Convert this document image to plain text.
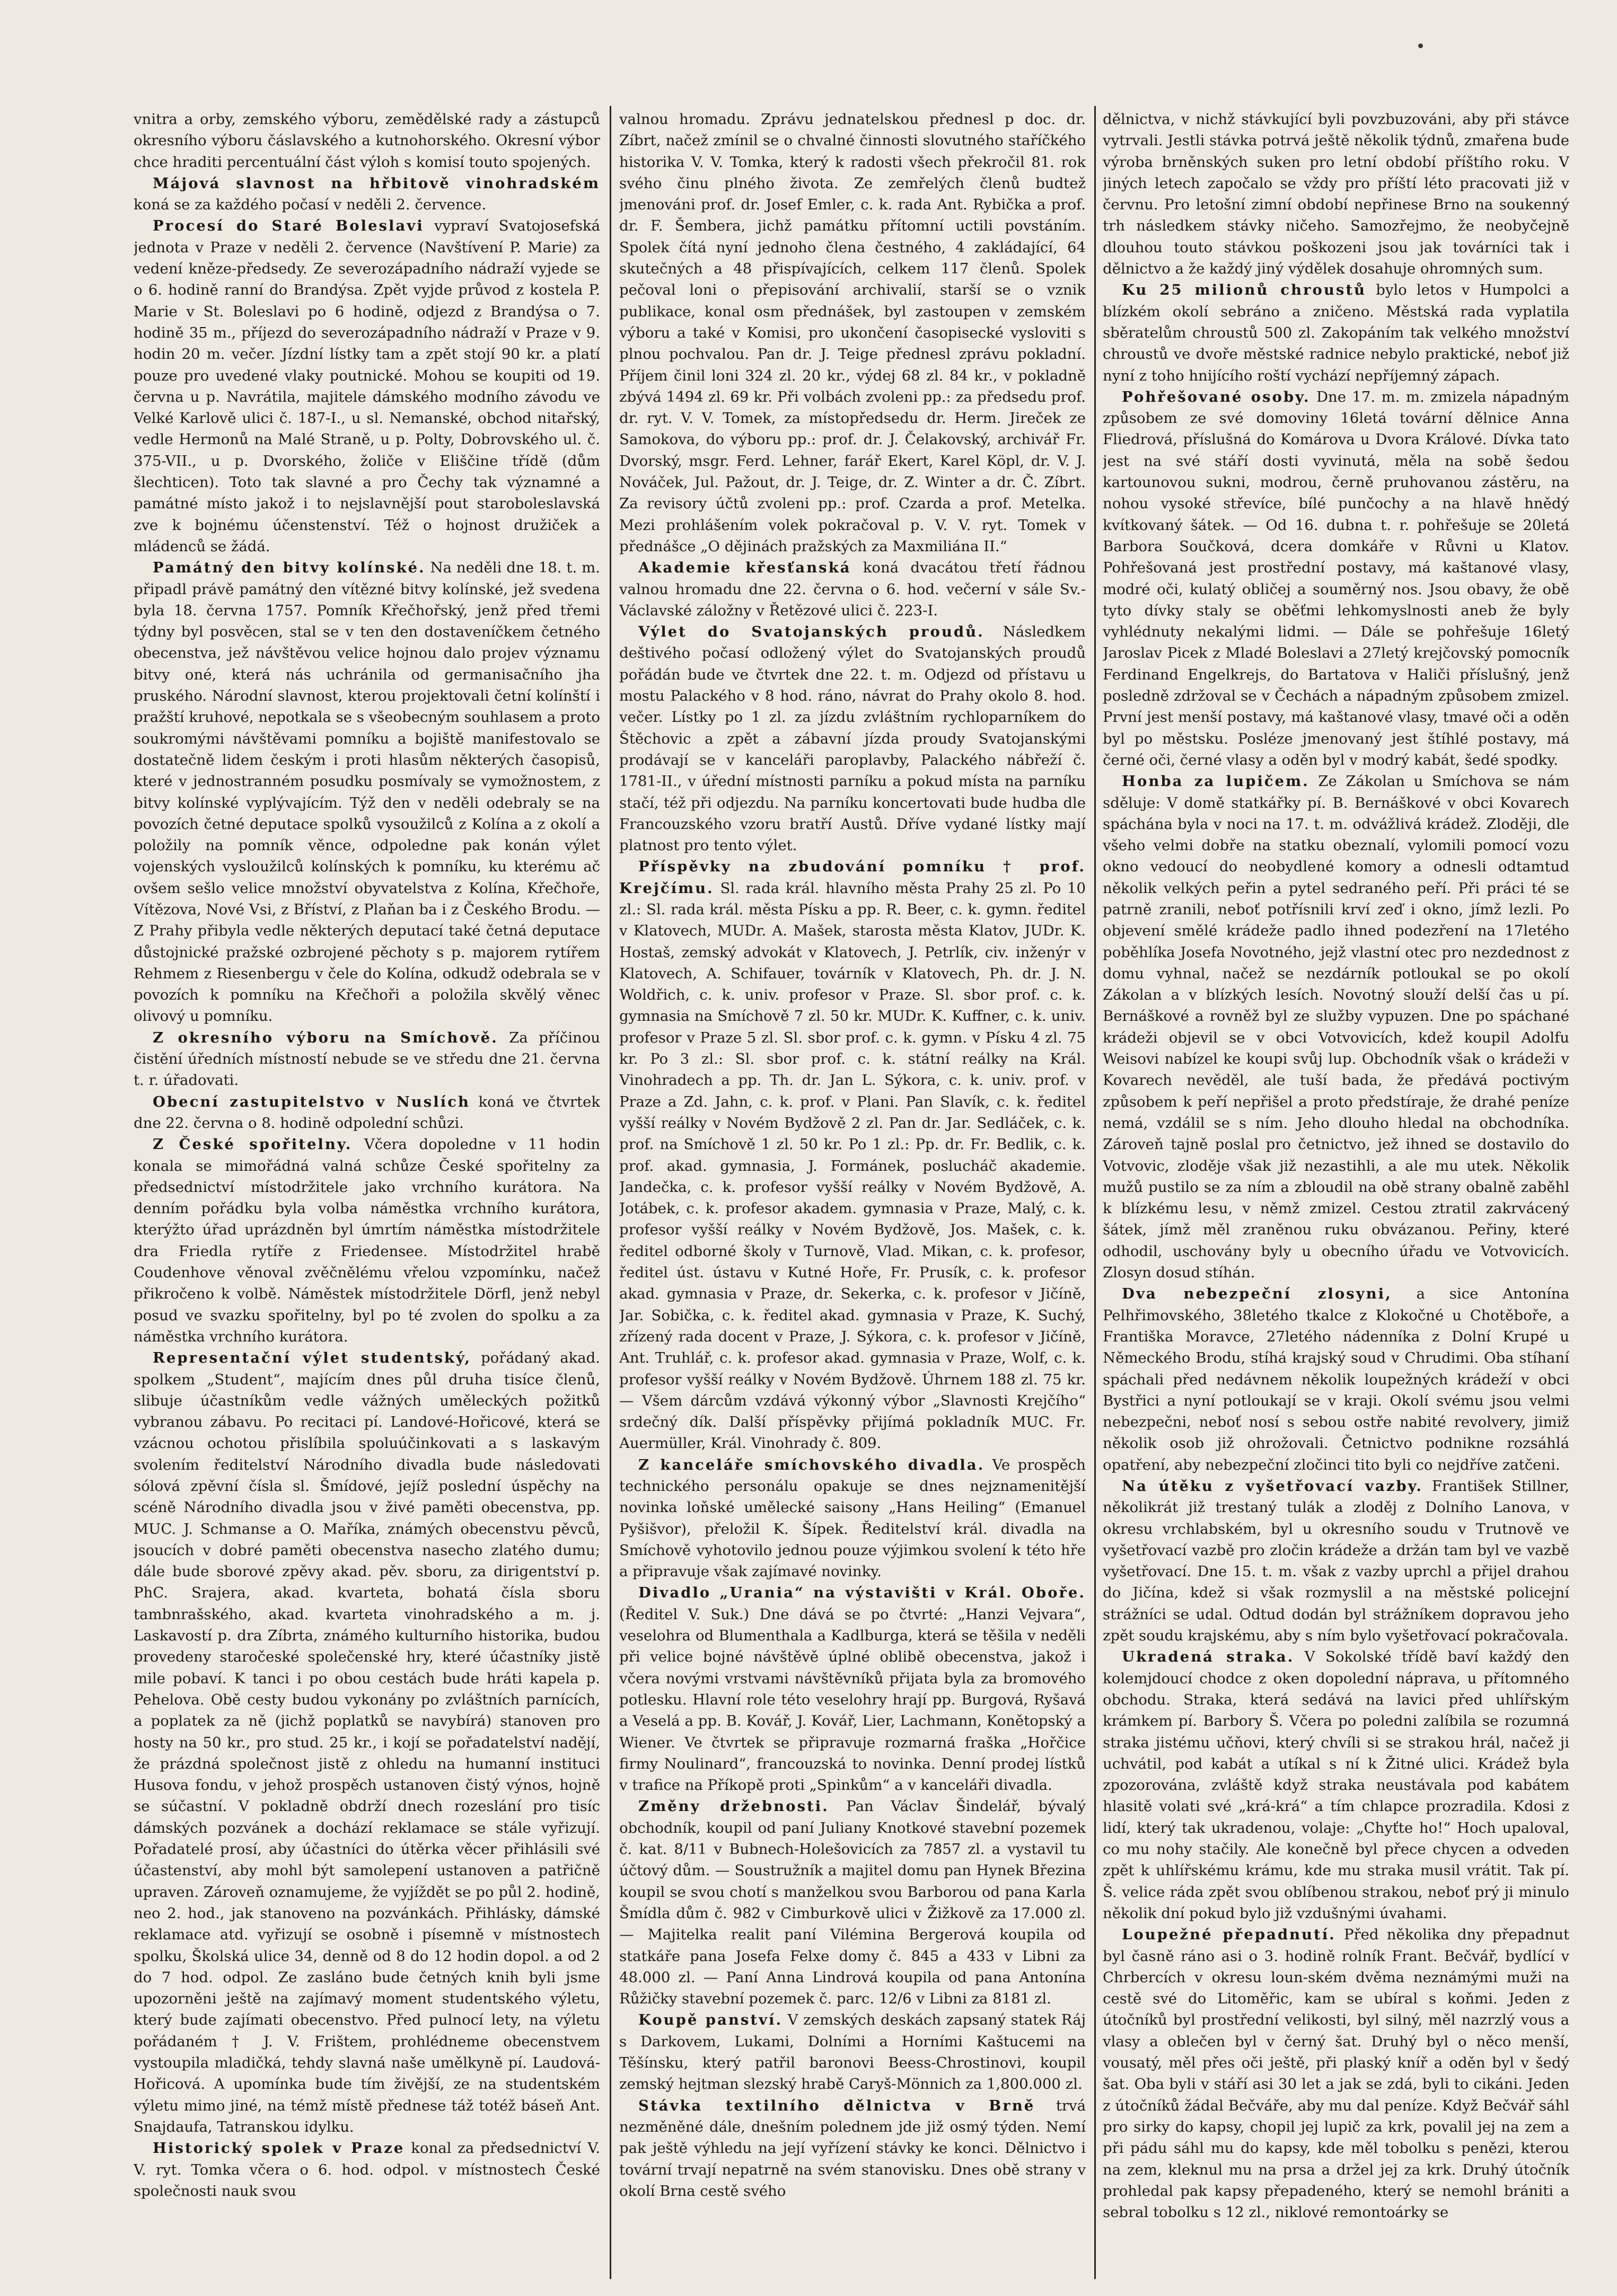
vnitra a orby, zemského výboru, zemědělské rady a zástupců okresního výboru čáslavského a kutnohorského. Okresní výbor chce hraditi percentuální část výloh s komisí touto spojených.

Májová slavnost na hřbitově vinohradském koná se za každého počasí v neděli 2. července.

Procesí do Staré Boleslavi vypraví Svatojosefská jednota v Praze v neděli 2. července (Navštívení P. Marie) za vedení kněze-předsedy. Ze severozápadního nádraží vyjede se o 6. hodině ranní do Brandýsa. Zpět vyjde průvod z kostela P. Marie v St. Boleslavi po 6 hodině, odjezd z Brandýsa o 7. hodině 35 m., příjezd do severozápadního nádraží v Praze v 9. hodin 20 m. večer. Jízdní lístky tam a zpět stojí 90 kr. a platí pouze pro uvedené vlaky poutnické. Mohou se koupiti od 19. června u p. Navrátila, majitele dámského modního závodu ve Velké Karlově ulici č. 187-I., u sl. Nemanské, obchod nitařský, vedle Hermonů na Malé Straně, u p. Polty, Dobrovského ul. č. 375-VII., u p. Dvorského, žoliče v Eliščine třídě (dům šlechticen). Toto tak slavné a pro Čechy tak významné a památné místo jakož i to nejslavnější pout staroboleslavská zve k bojnému účenstenství. Též o hojnost družiček a mládenců se žádá.

Památný den bitvy kolínské. Na neděli dne 18. t. m. připadl právě památný den vítězné bitvy kolínské, jež svedena byla 18. června 1757. Pomník Křečhořský, jenž před třemi týdny byl posvěcen, stal se v ten den dostaveníčkem četného obecenstva, jež návštěvou velice hojnou dalo projev významu bitvy oné, která nás uchránila od germanisačního jha pruského. Národní slavnost, kterou projektovali četní kolínští i pražští kruhové, nepotkala se s všeobecným souhlasem a proto soukromými návštěvami pomníku a bojiště manifestovalo se dostatečně lidem českým i proti hlasům některých časopisů, které v jednostranném posudku posmívaly se vymožnostem, z bitvy kolínské vyplývajícím. Týž den v neděli odebraly se na povozích četné deputace spolků vysoužilců z Kolína a z okolí a položily na pomník věnce, odpoledne pak konán výlet vojenských vysloužilců kolínských k pomníku, ku kterému ač ovšem sešlo velice množství obyvatelstva z Kolína, Křečhoře, Vítězova, Nové Vsi, z Bříství, z Plaňan ba i z Českého Brodu. — Z Prahy přibyla vedle některých deputací také četná deputace důstojnické pražské ozbrojené pěchoty s p. majorem rytířem Rehmem z Riesenbergu v čele do Kolína, odkudž odebrala se v povozích k pomníku na Křečhoři a položila skvělý věnec olivový u pomníku.

Z okresního výboru na Smíchově. Za příčinou čistění úředních místností nebude se ve středu dne 21. června t. r. úřadovati.

Obecní zastupitelstvo v Nuslích koná ve čtvrtek dne 22. června o 8. hodině odpolední schůzi.

Z České spořitelny. Včera dopoledne v 11 hodin konala se mimořádná valná schůze České spořitelny za předsednictví místodržitele jako vrchního kurátora. Na denním pořádku byla volba náměstka vrchního kurátora, kterýžto úřad uprázdněn byl úmrtím náměstka místodržitele dra Friedla rytíře z Friedensee. Místodržitel hrabě Coudenhove věnoval zvěčnělému vřelou vzpomínku, načež přikročeno k volbě. Náměstek místodržitele Dörfl, jenž nebyl posud ve svazku spořitelny, byl po té zvolen do spolku a za náměstka vrchního kurátora.

Representační výlet studentský, pořádaný akad. spolkem „Student“, majícím dnes půl druha tisíce členů, slibuje účastníkům vedle vážných uměleckých požitků vybranou zábavu. Po recitaci pí. Landové-Hořicové, která se vzácnou ochotou přislíbila spoluúčinkovati a s laskavým svolením ředitelství Národního divadla bude následovati sólová zpěvní čísla sl. Šmídové, jejíž poslední úspěchy na scéně Národního divadla jsou v živé paměti obecenstva, pp. MUC. J. Schmanse a O. Maříka, známých obecenstvu pěvců, jsoucích v dobré paměti obecenstva nasecho zlatého dumu; dále bude sborové zpěvy akad. pěv. sboru, za dirigentství p. PhC. Srajera, akad. kvarteta, bohatá čísla sboru tambnrašského, akad. kvarteta vinohradského a m. j. Laskavostí p. dra Zíbrta, známého kulturního historika, budou provedeny staročeské společenské hry, které účastníky jistě mile pobaví. K tanci i po obou cestách bude hráti kapela p. Pehelova. Obě cesty budou vykonány po zvláštních parnících, a poplatek za ně (jichž poplatků se navybírá) stanoven pro hosty na 50 kr., pro stud. 25 kr., i kojí se pořadatelství nadějí, že prázdná společnost jistě z ohledu na humanní instituci Husova fondu, v jehož prospěch ustanoven čistý výnos, hojně se súčastní. V pokladně obdrží dnech rozeslání pro tisíc dámských pozvánek a dochází reklamace se stále vyřizují. Pořadatelé prosí, aby účastníci do útěrka věcer přihlásili své účastenství, aby mohl být samolepení ustanoven a patřičně upraven. Zároveň oznamujeme, že vyjíždět se po půl 2. hodině, neo 2. hod., jak stanoveno na pozvánkách. Přihlásky, dámské reklamace atd. vyřizují se osobně i písemně v místnostech spolku, Školská ulice 34, denně od 8 do 12 hodin dopol. a od 2 do 7 hod. odpol. Ze zasláno bude četných knih byli jsme upozorněni ještě na zajímavý moment studentského výletu, který bude zajímati obecenstvo. Před pulnocí lety, na výletu pořádaném † J. V. Frištem, prohlédneme obecenstvem vystoupila mladičká, tehdy slavná naše umělkyně pí. Laudová-Hořicová. A upomínka bude tím živější, ze na studentském výletu mimo jiné, na témž místě přednese táž totéž báseň Ant. Snajdaufa, Tatranskou idylku.

Historický spolek v Praze konal za předsednictví V. V. ryt. Tomka včera o 6. hod. odpol. v místnostech České společnosti nauk svou

valnou hromadu. Zprávu jednatelskou přednesl p doc. dr. Zíbrt, načež zmínil se o chvalné činnosti slovutného staříčkého historika V. V. Tomka, který k radosti všech překročil 81. rok svého činu plného života. Ze zemřelých členů budtež jmenováni prof. dr. Josef Emler, c. k. rada Ant. Rybička a prof. dr. F. Šembera, jichž památku přítomní uctili povstáním. Spolek čítá nyní jednoho člena čestného, 4 zakládající, 64 skutečných a 48 přispívajících, celkem 117 členů. Spolek pečoval loni o přepisování archivalií, starší se o vznik publikace, konal osm přednášek, byl zastoupen v zemském výboru a také v Komisi, pro ukončení časopisecké vysloviti s plnou pochvalou. Pan dr. J. Teige přednesl zprávu pokladní. Příjem činil loni 324 zl. 20 kr., výdej 68 zl. 84 kr., v pokladně zbývá 1494 zl. 69 kr. Při volbách zvoleni pp.: za předsedu prof. dr. ryt. V. V. Tomek, za místopředsedu dr. Herm. Jireček ze Samokova, do výboru pp.: prof. dr. J. Čelakovský, archivář Fr. Dvorský, msgr. Ferd. Lehner, farář Ekert, Karel Köpl, dr. V. J. Nováček, Jul. Pažout, dr. J. Teige, dr. Z. Winter a dr. Č. Zíbrt. Za revisory účtů zvoleni pp.: prof. Czarda a prof. Metelka. Mezi prohlášením volek pokračoval p. V. V. ryt. Tomek v přednášce „O dějinách pražských za Maxmiliána II.“

Akademie křesťanská koná dvacátou třetí řádnou valnou hromadu dne 22. června o 6. hod. večerní v sále Sv.-Václavské záložny v Řetězové ulici č. 223-I.

Výlet do Svatojanských proudů. Následkem deštivého počasí odložený výlet do Svatojanských proudů pořádán bude ve čtvrtek dne 22. t. m. Odjezd od přístavu u mostu Palackého v 8 hod. ráno, návrat do Prahy okolo 8. hod. večer. Lístky po 1 zl. za jízdu zvláštním rychloparníkem do Štěchovic a zpět a zábavní jízda proudy Svatojanskými prodávají se v kanceláři paroplavby, Palackého nábřeží č. 1781-II., v úřední místnosti parníku a pokud místa na parníku stačí, též při odjezdu. Na parníku koncertovati bude hudba dle Francouzského vzoru bratří Austů. Dříve vydané lístky mají platnost pro tento výlet.

Příspěvky na zbudování pomníku † prof. Krejčímu. Sl. rada král. hlavního města Prahy 25 zl. Po 10 zl.: Sl. rada král. města Písku a pp. R. Beer, c. k. gymn. ředitel v Klatovech, MUDr. A. Mašek, starosta města Klatov, JUDr. K. Hostaš, zemský advokát v Klatovech, J. Petrlík, civ. inženýr v Klatovech, A. Schifauer, továrník v Klatovech, Ph. dr. J. N. Woldřich, c. k. univ. profesor v Praze. Sl. sbor prof. c. k. gymnasia na Smíchově 7 zl. 50 kr. MUDr. K. Kuffner, c. k. univ. profesor v Praze 5 zl. Sl. sbor prof. c. k. gymn. v Písku 4 zl. 75 kr. Po 3 zl.: Sl. sbor prof. c. k. státní reálky na Král. Vinohradech a pp. Th. dr. Jan L. Sýkora, c. k. univ. prof. v Praze a Zd. Jahn, c. k. prof. v Plani. Pan Slavík, c. k. ředitel vyšší reálky v Novém Bydžově 2 zl. Pan dr. Jar. Sedláček, c. k. prof. na Smíchově 1 zl. 50 kr. Po 1 zl.: Pp. dr. Fr. Bedlik, c. k. prof. akad. gymnasia, J. Formánek, poslucháč akademie. Jandečka, c. k. profesor vyšší reálky v Novém Bydžově, A. Jotábek, c. k. profesor akadem. gymnasia v Praze, Malý, c. k. profesor vyšší reálky v Novém Bydžově, Jos. Mašek, c. k. ředitel odborné školy v Turnově, Vlad. Mikan, c. k. profesor, ředitel úst. ústavu v Kutné Hoře, Fr. Prusík, c. k. profesor akad. gymnasia v Praze, dr. Sekerka, c. k. profesor v Jičíně, Jar. Sobička, c. k. ředitel akad. gymnasia v Praze, K. Suchý, zřízený rada docent v Praze, J. Sýkora, c. k. profesor v Jičíně, Ant. Truhlář, c. k. profesor akad. gymnasia v Praze, Wolf, c. k. profesor vyšší reálky v Novém Bydžově. Úhrnem 188 zl. 75 kr. — Všem dárcům vzdává výkonný výbor „Slavnosti Krejčího“ srdečný dík. Další příspěvky přijímá pokladník MUC. Fr. Auermüller, Král. Vinohrady č. 809.

Z kanceláře smíchovského divadla. Ve prospěch technického personálu opakuje se dnes nejznamenitější novinka loňské umělecké saisony „Hans Heiling“ (Emanuel Pyšišvor), přeložil K. Šípek. Ředitelství král. divadla na Smíchově vyhotovilo jednou pouze výjimkou svolení k této hře a připravuje však zajímavé novinky.

Divadlo „Urania“ na výstavišti v Král. Oboře. (Ředitel V. Suk.) Dne dává se po čtvrté: „Hanzi Vejvara“, veselohra od Blumenthala a Kadlburga, která se těšila v neděli při velice bojné návštěvě úplné oblibě obecenstva, jakož i včera novými vrstvami návštěvníků přijata byla za bromového potlesku. Hlavní role této veselohry hrají pp. Burgová, Ryšavá a Veselá a pp. B. Kovář, J. Kovář, Lier, Lachmann, Konětopský a Wiener. Ve čtvrtek se připravuje rozmarná fraška „Hořčice firmy Noulinard“, francouzská to novinka. Denní prodej lístků v trafice na Příkopě proti „Spinkům“ a v kanceláři divadla.

Změny držebnosti. Pan Václav Šindelář, bývalý obchodník, koupil od paní Juliany Knotkové stavební pozemek č. kat. 8/11 v Bubnech-Holešovicích za 7857 zl. a vystavil tu účtový dům. — Soustružník a majitel domu pan Hynek Březina koupil se svou chotí s manželkou svou Barborou od pana Karla Šmídla dům č. 982 v Cimburkově ulici v Žižkově za 17.000 zl. — Majitelka realit paní Vilémina Bergerová koupila od statkáře pana Josefa Felxe domy č. 845 a 433 v Libni za 48.000 zl. — Paní Anna Lindrová koupila od pana Antonína Růžičky stavební pozemek č. parc. 12/6 v Libni za 8181 zl.

Koupě panství. V zemských deskách zapsaný statek Ráj s Darkovem, Lukami, Dolními a Horními Kaštucemi na Těšínsku, který patřil baronovi Beess-Chrostinovi, koupil zemský hejtman slezský hrabě Caryš-Mönnich za 1,800.000 zl.

Stávka textilního dělnictva v Brně trvá nezměněné dále, dnešním polednem jde již osmý týden. Nemí pak ještě výhledu na její vyřízení stávky ke konci. Dělnictvo i tovární trvají nepatrně na svém stanovisku. Dnes obě strany v okolí Brna cestě svého

dělnictva, v nichž stávkující byli povzbuzováni, aby při stávce vytrvali. Jestli stávka potrvá ještě několik týdnů, zmařena bude výroba brněnských suken pro letní období příštího roku. V jiných letech započalo se vždy pro příští léto pracovati již v červnu. Pro letošní zimní období nepřinese Brno na soukenný trh následkem stávky ničeho. Samozřejmo, že neobyčejně dlouhou touto stávkou poškozeni jsou jak továrníci tak i dělnictvo a že každý jiný výdělek dosahuje ohromných sum.

Ku 25 milionů chroustů bylo letos v Humpolci a blízkém okolí sebráno a zničeno. Městská rada vyplatila sběratelům chroustů 500 zl. Zakopáním tak velkého množství chroustů ve dvoře městské radnice nebylo praktické, neboť již nyní z toho hnijícího roští vychází nepříjemný zápach.

Pohřešované osoby. Dne 17. m. m. zmizela nápadným způsobem ze své domoviny 16letá tovární dělnice Anna Fliedrová, příslušná do Komárova u Dvora Králové. Dívka tato jest na své stáří dosti vyvinutá, měla na sobě šedou kartounovou sukni, modrou, černě pruhovanou zástěru, na nohou vysoké střevíce, bílé punčochy a na hlavě hnědý kvítkovaný šátek. — Od 16. dubna t. r. pohřešuje se 20letá Barbora Součková, dcera domkáře v Růvni u Klatov. Pohřešovaná jest prostřední postavy, má kaštanové vlasy, modré oči, kulatý obličej a souměrný nos. Jsou obavy, že obě tyto dívky staly se oběťmi lehkomyslnosti aneb že byly vyhlédnuty nekalými lidmi. — Dále se pohřešuje 16letý Jaroslav Picek z Mladé Boleslavi a 27letý krejčovský pomocník Ferdinand Engelkrejs, do Bartatova v Haliči příslušný, jenž posledně zdržoval se v Čechách a nápadným způsobem zmizel. První jest menší postavy, má kaštanové vlasy, tmavé oči a oděn byl po městsku. Posléze jmenovaný jest štíhlé postavy, má černé oči, černé vlasy a oděn byl v modrý kabát, šedé spodky.

Honba za lupičem. Ze Zákolan u Smíchova se nám sděluje: V domě statkářky pí. B. Bernáškové v obci Kovarech spáchána byla v noci na 17. t. m. odvážlivá krádež. Zloději, dle všeho velmi dobře na statku obeznalí, vylomili pomocí vozu okno vedoucí do neobydlené komory a odnesli odtamtud několik velkých peřin a pytel sedraného peří. Při práci té se patrně zranili, neboť potřísnili krví zeď i okno, jímž lezli. Po objevení smělé krádeže padlo ihned podezření na 17letého poběhlíka Josefa Novotného, jejž vlastní otec pro nezdednost z domu vyhnal, načež se nezdárník potloukal se po okolí Zákolan a v blízkých lesích. Novotný slouží delší čas u pí. Bernáškové a rovněž byl ze služby vypuzen. Dne po spáchané krádeži objevil se v obci Votvovicích, kdež koupil Adolfu Weisovi nabízel ke koupi svůj lup. Obchodník však o krádeži v Kovarech nevěděl, ale tuší bada, že předává poctivým způsobem k peří nepřišel a proto předstíraje, že drahé peníze nemá, vzdálil se s ním. Jeho dlouho hledal na obchodníka. Zároveň tajně poslal pro četnictvo, jež ihned se dostavilo do Votvovic, zloděje však již nezastihli, a ale mu utek. Několik mužů pustilo se za ním a zbloudil na obě strany obalně zaběhl k blízkému lesu, v němž zmizel. Cestou ztratil zakrvácený šátek, jímž měl zraněnou ruku obvázanou. Peřiny, které odhodil, uschovány byly u obecního úřadu ve Votvovicích. Zlosyn dosud stíhán.

Dva nebezpeční zlosyni, a sice Antonína Pelhřimovského, 38letého tkalce z Klokočné u Chotěboře, a Františka Moravce, 27letého nádenníka z Dolní Krupé u Německého Brodu, stíhá krajský soud v Chrudimi. Oba stíhaní spáchali před nedávnem několik loupežných krádeží v obci Bystřici a nyní potloukají se v kraji. Okolí svému jsou velmi nebezpečni, neboť nosí s sebou ostře nabité revolvery, jimiž několik osob již ohrožovali. Četnictvo podnikne rozsáhlá opatření, aby nebezpeční zločinci tito byli co nejdříve zatčeni.

Na útěku z vyšetřovací vazby. František Stillner, několikrát již trestaný tulák a zloděj z Dolního Lanova, v okresu vrchlabském, byl u okresního soudu v Trutnově ve vyšetřovací vazbě pro zločin krádeže a držán tam byl ve vazbě vyšetřovací. Dne 15. t. m. však z vazby uprchl a přijel drahou do Jičína, kdež si však rozmyslil a na městské policejní strážníci se udal. Odtud dodán byl strážníkem dopravou jeho zpět soudu krajskému, aby s ním bylo vyšetřovací pokračovala.

Ukradená straka. V Sokolské třídě baví každý den kolemjdoucí chodce z oken dopolední náprava, u přítomného obchodu. Straka, která sedává na lavici před uhlířským krámkem pí. Barbory Š. Včera po poledni zalíbila se rozumná straka jistému učňovi, který chvíli si se strakou hrál, načež ji uchvátil, pod kabát a utíkal s ní k Žitné ulici. Krádež byla zpozorována, zvláště když straka neustávala pod kabátem hlasitě volati své „krá-krá“ a tím chlapce prozradila. Kdosi z lidí, který tak ukradenou, volaje: „Chyťte ho!“ Hoch upaloval, co mu nohy stačily. Ale konečně byl přece chycen a odveden zpět k uhlířskému krámu, kde mu straka musil vrátit. Tak pí. Š. velice ráda zpět svou oblíbenou strakou, neboť prý ji minulo několik dní pokud bylo již vzdušnými úvahami.

Loupežné přepadnutí. Před několika dny přepadnut byl časně ráno asi o 3. hodině rolník Frant. Bečvář, bydlící v Chrbercích v okresu loun-ském dvěma neznámými muži na cestě své do Litoměřic, kam se ubíral s koňmi. Jeden z útočníků byl prostřední velikosti, byl silný, měl nazrzlý vous a vlasy a oblečen byl v černý šat. Druhý byl o něco menší, vousatý, měl přes oči ještě, při plaský kníř a oděn byl v šedý šat. Oba byli v stáří asi 30 let a jak se zdá, byli to cikáni. Jeden z útočníků žádal Bečváře, aby mu dal peníze. Když Bečvář sáhl pro sirky do kapsy, chopil jej lupič za krk, povalil jej na zem a při pádu sáhl mu do kapsy, kde měl tobolku s penězi, kterou na zem, kleknul mu na prsa a držel jej za krk. Druhý útočník prohledal pak kapsy přepadeného, který se nemohl brániti a sebral tobolku s 12 zl., niklové remontoárky se
